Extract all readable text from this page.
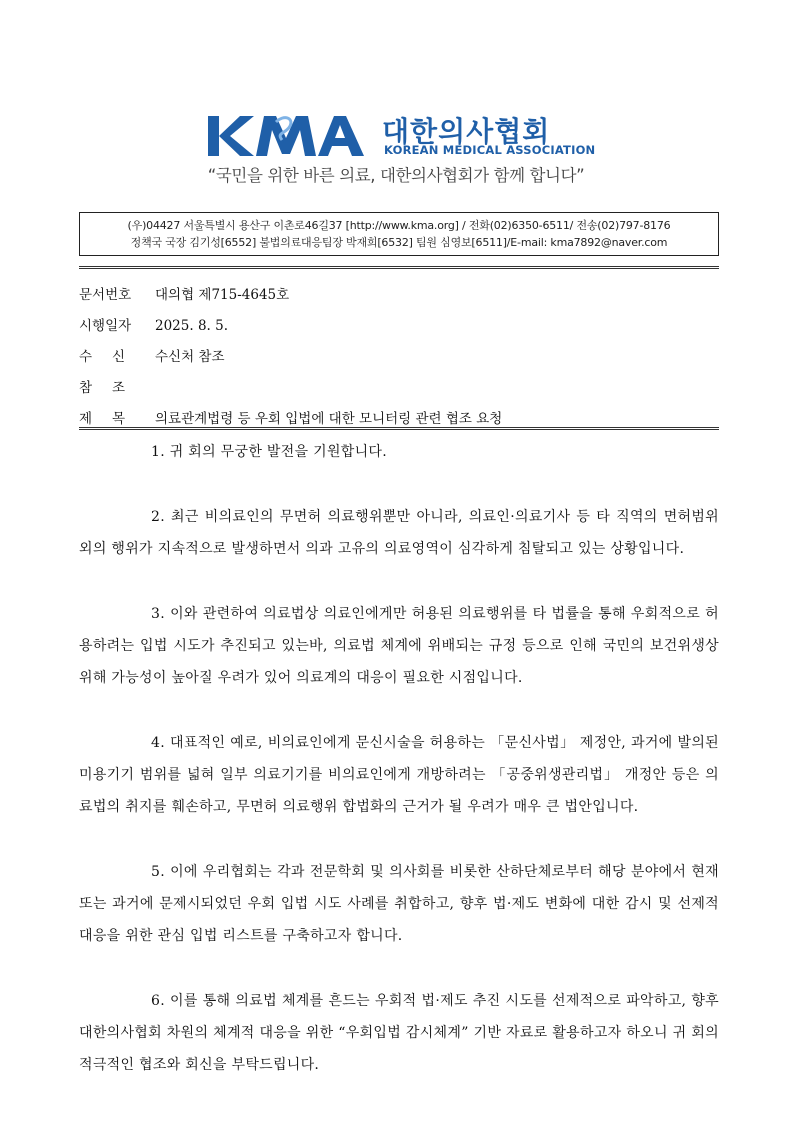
대한의사협회
KOREAN MEDICAL ASSOCIATION
“국민을 위한 바른 의료, 대한의사협회가 함께 합니다”
(우)04427 서울특별시 용산구 이촌로46길37 [http://www.kma.org] / 전화(02)6350-6511/ 전송(02)797-8176
정책국 국장 김기성[6552] 불법의료대응팀장 박재희[6532] 팀원 심영보[6511]/E-mail: kma7892@naver.com
문서번호 대의협 제715-4645호
시행일자 2025. 8. 5.
수신 수신처 참조
참조
제목 의료관계법령 등 우회 입법에 대한 모니터링 관련 협조 요청

1. 귀 회의 무궁한 발전을 기원합니다.

2. 최근 비의료인의 무면허 의료행위뿐만 아니라, 의료인·의료기사 등 타 직역의 면허범위 외의 행위가 지속적으로 발생하면서 의과 고유의 의료영역이 심각하게 침탈되고 있는 상황입니다.

3. 이와 관련하여 의료법상 의료인에게만 허용된 의료행위를 타 법률을 통해 우회적으로 허용하려는 입법 시도가 추진되고 있는바, 의료법 체계에 위배되는 규정 등으로 인해 국민의 보건위생상 위해 가능성이 높아질 우려가 있어 의료계의 대응이 필요한 시점입니다.

4. 대표적인 예로, 비의료인에게 문신시술을 허용하는 「문신사법」 제정안, 과거에 발의된 미용기기 범위를 넓혀 일부 의료기기를 비의료인에게 개방하려는 「공중위생관리법」 개정안 등은 의료법의 취지를 훼손하고, 무면허 의료행위 합법화의 근거가 될 우려가 매우 큰 법안입니다.

5. 이에 우리협회는 각과 전문학회 및 의사회를 비롯한 산하단체로부터 해당 분야에서 현재 또는 과거에 문제시되었던 우회 입법 시도 사례를 취합하고, 향후 법·제도 변화에 대한 감시 및 선제적 대응을 위한 관심 입법 리스트를 구축하고자 합니다.

6. 이를 통해 의료법 체계를 흔드는 우회적 법·제도 추진 시도를 선제적으로 파악하고, 향후 대한의사협회 차원의 체계적 대응을 위한 “우회입법 감시체계” 기반 자료로 활용하고자 하오니 귀 회의 적극적인 협조와 회신을 부탁드립니다.
